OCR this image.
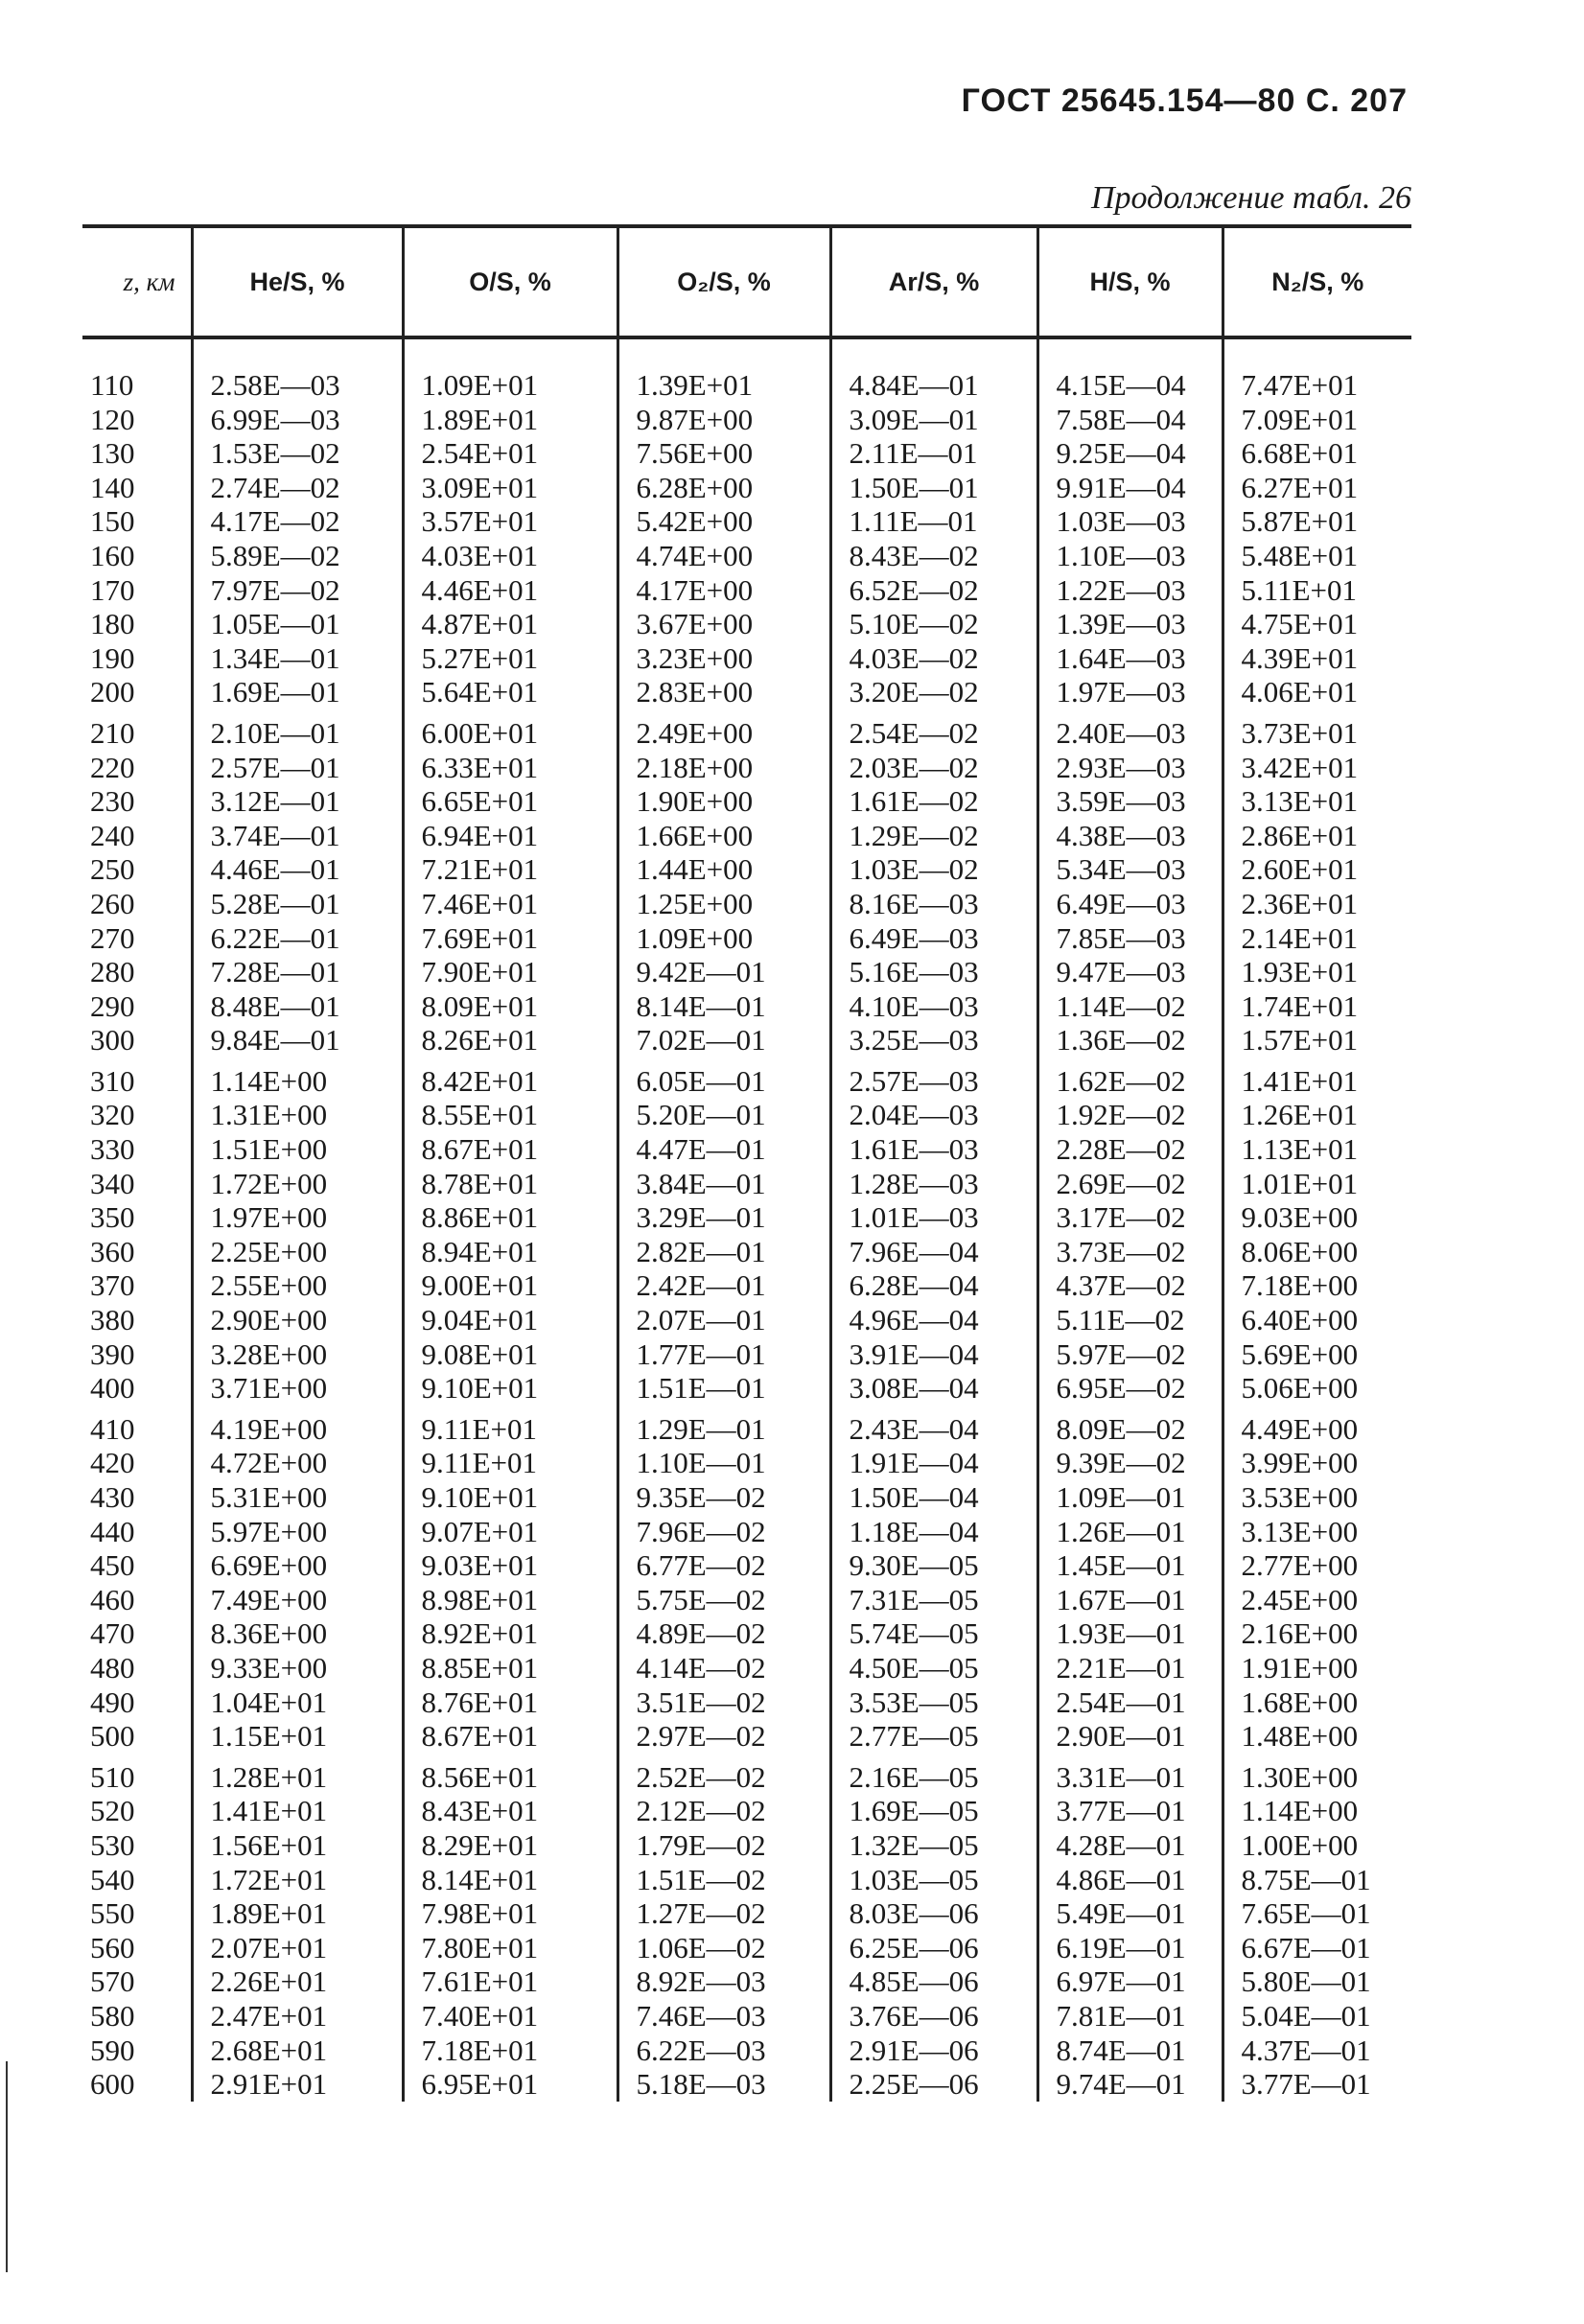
ГОСТ 25645.154—80 С. 207
Продолжение табл. 26
z, км	He/S, %	O/S, %	O₂/S, %	Ar/S, %	H/S, %	N₂/S, %

110	2.58E—03	1.09E+01	1.39E+01	4.84E—01	4.15E—04	7.47E+01
120	6.99E—03	1.89E+01	9.87E+00	3.09E—01	7.58E—04	7.09E+01
130	1.53E—02	2.54E+01	7.56E+00	2.11E—01	9.25E—04	6.68E+01
140	2.74E—02	3.09E+01	6.28E+00	1.50E—01	9.91E—04	6.27E+01
150	4.17E—02	3.57E+01	5.42E+00	1.11E—01	1.03E—03	5.87E+01
160	5.89E—02	4.03E+01	4.74E+00	8.43E—02	1.10E—03	5.48E+01
170	7.97E—02	4.46E+01	4.17E+00	6.52E—02	1.22E—03	5.11E+01
180	1.05E—01	4.87E+01	3.67E+00	5.10E—02	1.39E—03	4.75E+01
190	1.34E—01	5.27E+01	3.23E+00	4.03E—02	1.64E—03	4.39E+01
200	1.69E—01	5.64E+01	2.83E+00	3.20E—02	1.97E—03	4.06E+01
210	2.10E—01	6.00E+01	2.49E+00	2.54E—02	2.40E—03	3.73E+01
220	2.57E—01	6.33E+01	2.18E+00	2.03E—02	2.93E—03	3.42E+01
230	3.12E—01	6.65E+01	1.90E+00	1.61E—02	3.59E—03	3.13E+01
240	3.74E—01	6.94E+01	1.66E+00	1.29E—02	4.38E—03	2.86E+01
250	4.46E—01	7.21E+01	1.44E+00	1.03E—02	5.34E—03	2.60E+01
260	5.28E—01	7.46E+01	1.25E+00	8.16E—03	6.49E—03	2.36E+01
270	6.22E—01	7.69E+01	1.09E+00	6.49E—03	7.85E—03	2.14E+01
280	7.28E—01	7.90E+01	9.42E—01	5.16E—03	9.47E—03	1.93E+01
290	8.48E—01	8.09E+01	8.14E—01	4.10E—03	1.14E—02	1.74E+01
300	9.84E—01	8.26E+01	7.02E—01	3.25E—03	1.36E—02	1.57E+01
310	1.14E+00	8.42E+01	6.05E—01	2.57E—03	1.62E—02	1.41E+01
320	1.31E+00	8.55E+01	5.20E—01	2.04E—03	1.92E—02	1.26E+01
330	1.51E+00	8.67E+01	4.47E—01	1.61E—03	2.28E—02	1.13E+01
340	1.72E+00	8.78E+01	3.84E—01	1.28E—03	2.69E—02	1.01E+01
350	1.97E+00	8.86E+01	3.29E—01	1.01E—03	3.17E—02	9.03E+00
360	2.25E+00	8.94E+01	2.82E—01	7.96E—04	3.73E—02	8.06E+00
370	2.55E+00	9.00E+01	2.42E—01	6.28E—04	4.37E—02	7.18E+00
380	2.90E+00	9.04E+01	2.07E—01	4.96E—04	5.11E—02	6.40E+00
390	3.28E+00	9.08E+01	1.77E—01	3.91E—04	5.97E—02	5.69E+00
400	3.71E+00	9.10E+01	1.51E—01	3.08E—04	6.95E—02	5.06E+00
410	4.19E+00	9.11E+01	1.29E—01	2.43E—04	8.09E—02	4.49E+00
420	4.72E+00	9.11E+01	1.10E—01	1.91E—04	9.39E—02	3.99E+00
430	5.31E+00	9.10E+01	9.35E—02	1.50E—04	1.09E—01	3.53E+00
440	5.97E+00	9.07E+01	7.96E—02	1.18E—04	1.26E—01	3.13E+00
450	6.69E+00	9.03E+01	6.77E—02	9.30E—05	1.45E—01	2.77E+00
460	7.49E+00	8.98E+01	5.75E—02	7.31E—05	1.67E—01	2.45E+00
470	8.36E+00	8.92E+01	4.89E—02	5.74E—05	1.93E—01	2.16E+00
480	9.33E+00	8.85E+01	4.14E—02	4.50E—05	2.21E—01	1.91E+00
490	1.04E+01	8.76E+01	3.51E—02	3.53E—05	2.54E—01	1.68E+00
500	1.15E+01	8.67E+01	2.97E—02	2.77E—05	2.90E—01	1.48E+00
510	1.28E+01	8.56E+01	2.52E—02	2.16E—05	3.31E—01	1.30E+00
520	1.41E+01	8.43E+01	2.12E—02	1.69E—05	3.77E—01	1.14E+00
530	1.56E+01	8.29E+01	1.79E—02	1.32E—05	4.28E—01	1.00E+00
540	1.72E+01	8.14E+01	1.51E—02	1.03E—05	4.86E—01	8.75E—01
550	1.89E+01	7.98E+01	1.27E—02	8.03E—06	5.49E—01	7.65E—01
560	2.07E+01	7.80E+01	1.06E—02	6.25E—06	6.19E—01	6.67E—01
570	2.26E+01	7.61E+01	8.92E—03	4.85E—06	6.97E—01	5.80E—01
580	2.47E+01	7.40E+01	7.46E—03	3.76E—06	7.81E—01	5.04E—01
590	2.68E+01	7.18E+01	6.22E—03	2.91E—06	8.74E—01	4.37E—01
600	2.91E+01	6.95E+01	5.18E—03	2.25E—06	9.74E—01	3.77E—01
